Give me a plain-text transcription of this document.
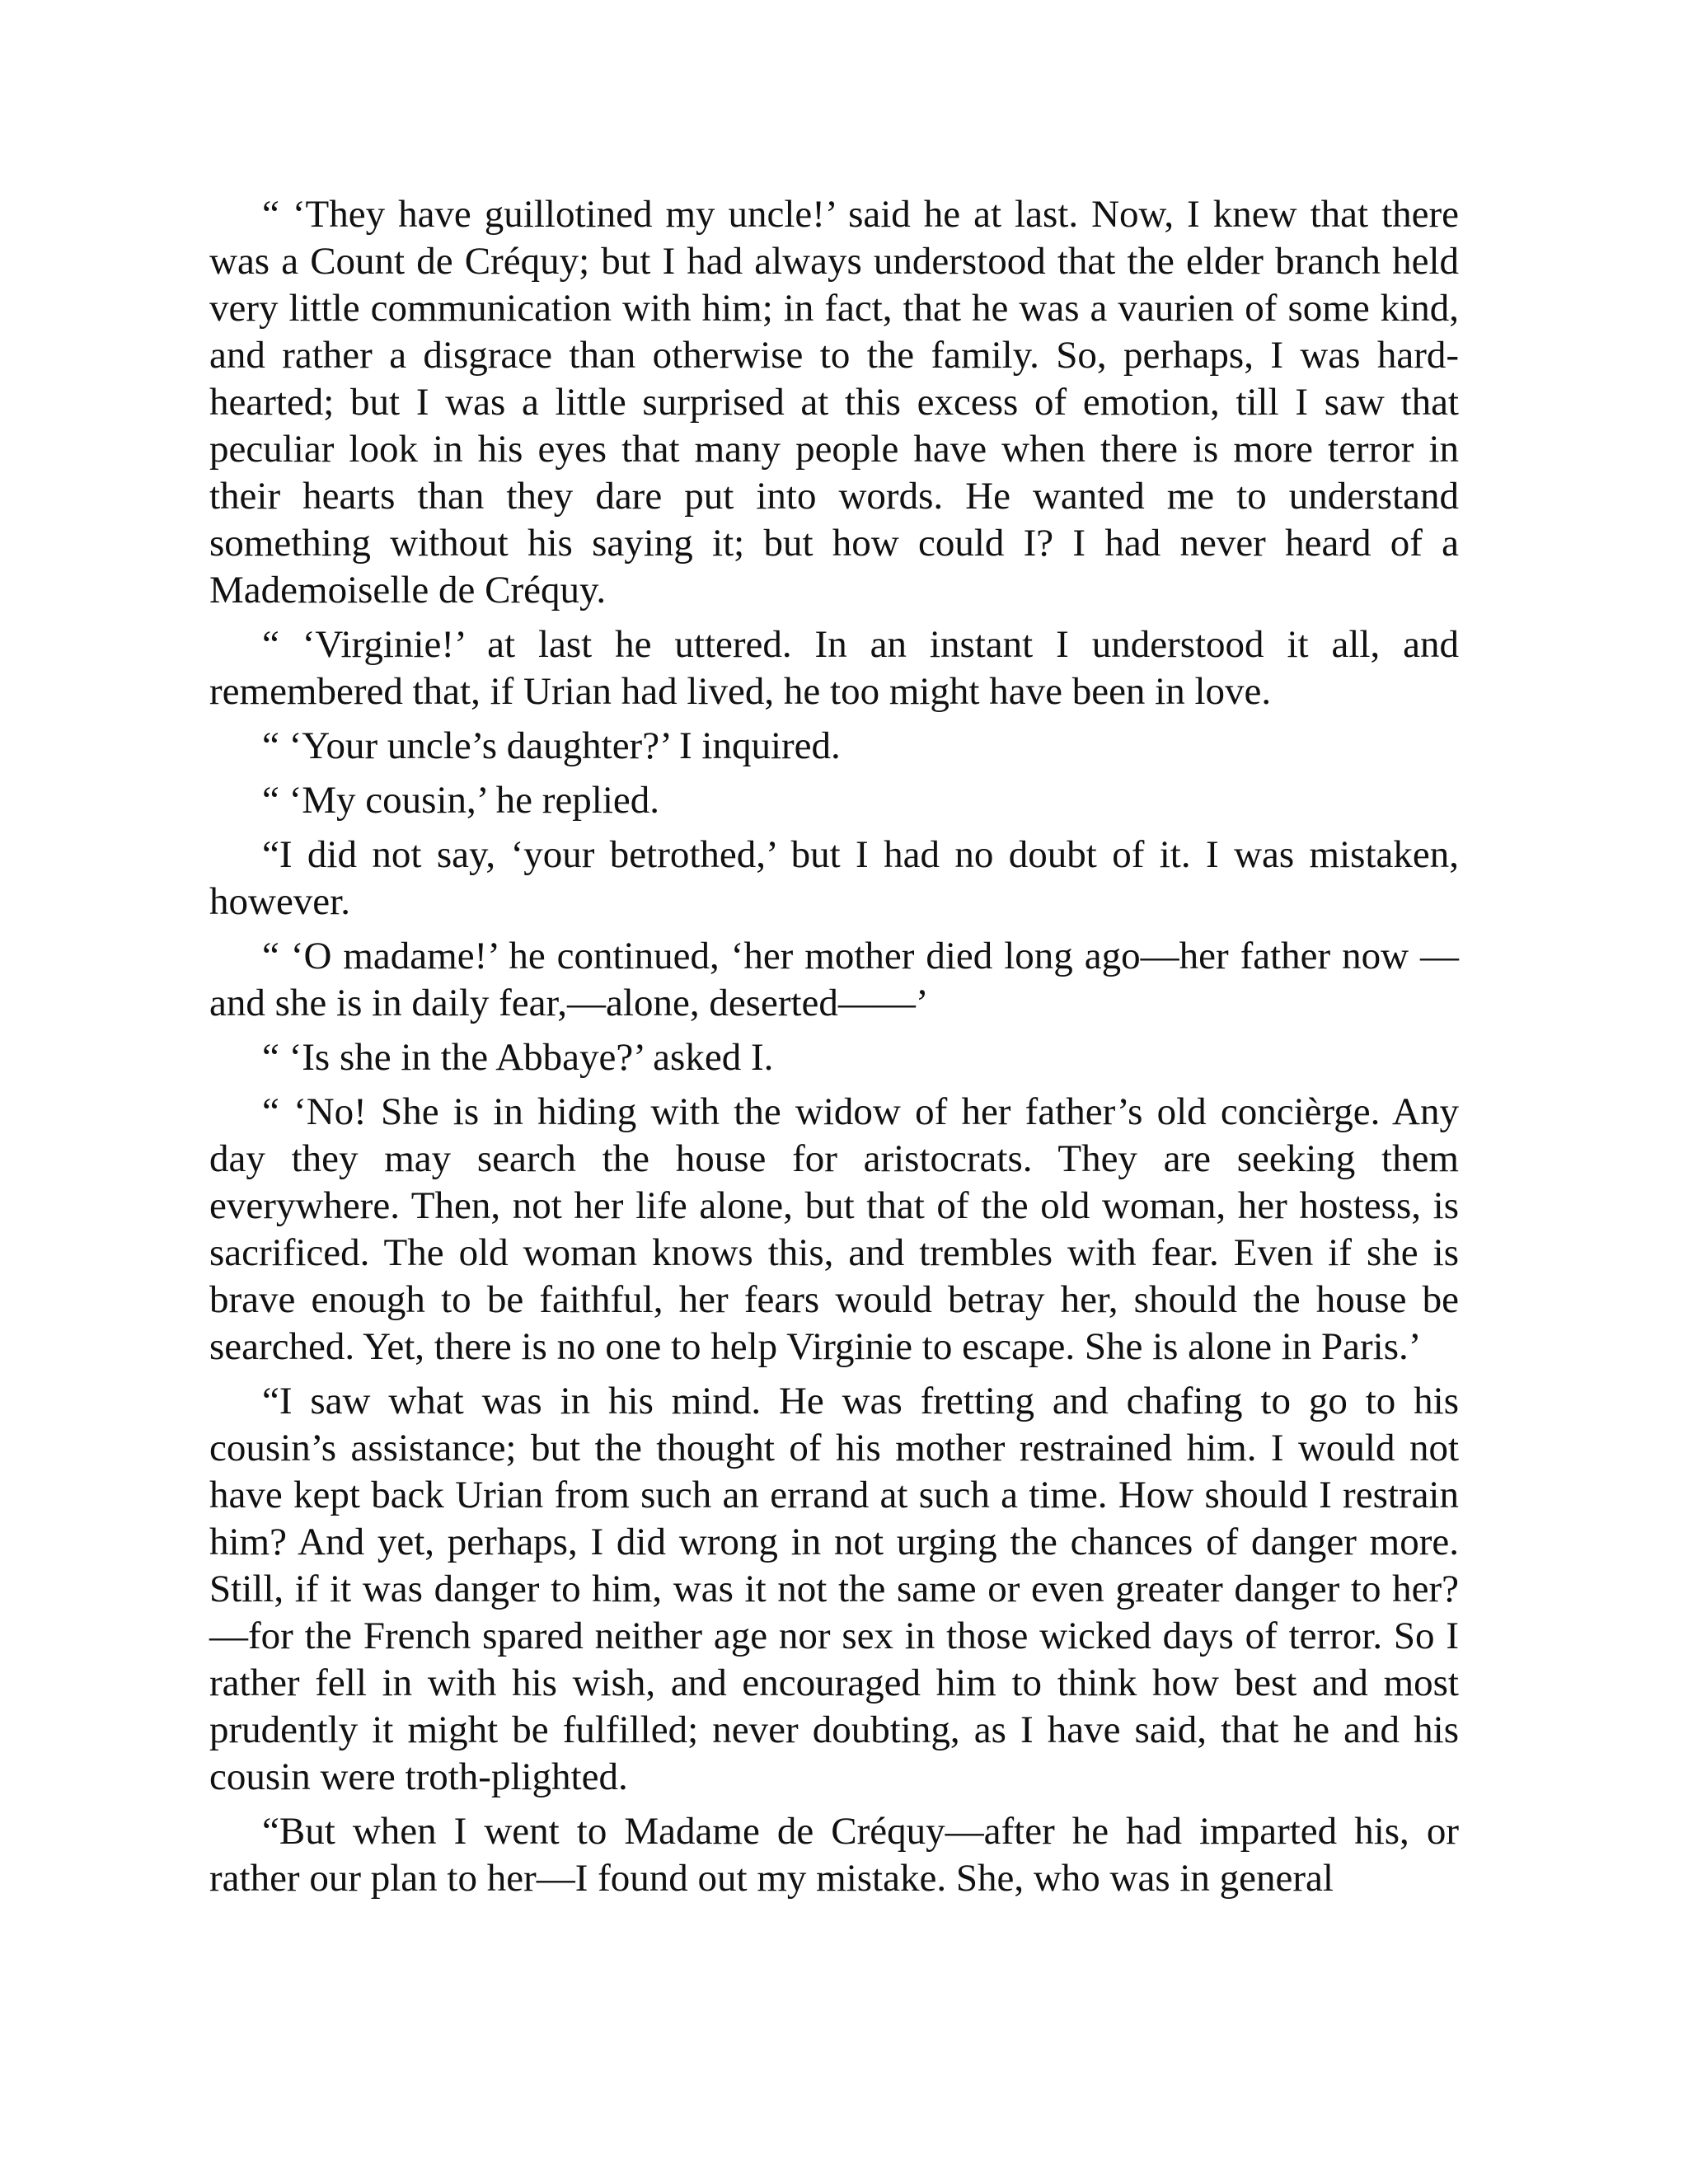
“ ‘They have guillotined my uncle!’ said he at last. Now, I knew that there was a Count de Créquy; but I had always understood that the elder branch held very little communication with him; in fact, that he was a vaurien of some kind, and rather a disgrace than otherwise to the family. So, perhaps, I was hard-hearted; but I was a little surprised at this excess of emotion, till I saw that peculiar look in his eyes that many people have when there is more terror in their hearts than they dare put into words. He wanted me to understand something without his saying it; but how could I? I had never heard of a Mademoiselle de Créquy.

“ ‘Virginie!’ at last he uttered. In an instant I understood it all, and remembered that, if Urian had lived, he too might have been in love.

“ ‘Your uncle’s daughter?’ I inquired.

“ ‘My cousin,’ he replied.

“I did not say, ‘your betrothed,’ but I had no doubt of it. I was mistaken, however.

“ ‘O madame!’ he continued, ‘her mother died long ago—her father now —and she is in daily fear,—alone, deserted——’

“ ‘Is she in the Abbaye?’ asked I.

“ ‘No! She is in hiding with the widow of her father’s old concièrge. Any day they may search the house for aristocrats. They are seeking them everywhere. Then, not her life alone, but that of the old woman, her hostess, is sacrificed. The old woman knows this, and trembles with fear. Even if she is brave enough to be faithful, her fears would betray her, should the house be searched. Yet, there is no one to help Virginie to escape. She is alone in Paris.’

“I saw what was in his mind. He was fretting and chafing to go to his cousin’s assistance; but the thought of his mother restrained him. I would not have kept back Urian from such an errand at such a time. How should I restrain him? And yet, perhaps, I did wrong in not urging the chances of danger more. Still, if it was danger to him, was it not the same or even greater danger to her?—for the French spared neither age nor sex in those wicked days of terror. So I rather fell in with his wish, and encouraged him to think how best and most prudently it might be fulfilled; never doubting, as I have said, that he and his cousin were troth-plighted.

“But when I went to Madame de Créquy—after he had imparted his, or rather our plan to her—I found out my mistake. She, who was in general
